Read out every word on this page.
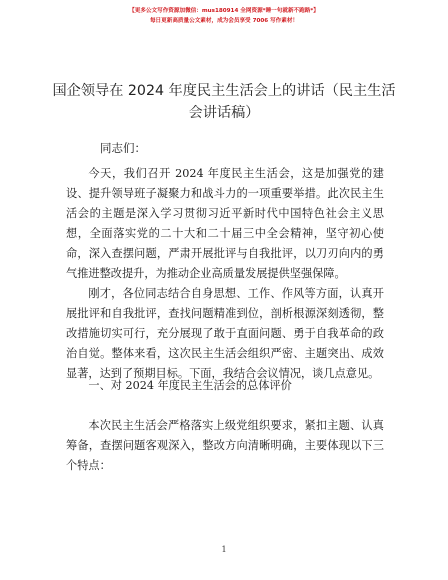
【更多公文写作资源加微信：mus180914 全网资源*睡一句就新不跑路*】
每日更新高质量公文素材，成为会员享受 7006 写作素材！
国企领导在 2024 年度民主生活会上的讲话（民主生活会讲话稿）
同志们：

今天，我们召开 2024 年度民主生活会，这是加强党的建设、提升领导班子凝聚力和战斗力的一项重要举措。此次民主生活会的主题是深入学习贯彻习近平新时代中国特色社会主义思想，全面落实党的二十大和二十届三中全会精神，坚守初心使命，深入查摆问题，严肃开展批评与自我批评，以刀刃向内的勇气推进整改提升，为推动企业高质量发展提供坚强保障。

刚才，各位同志结合自身思想、工作、作风等方面，认真开展批评和自我批评，查找问题精准到位，剖析根源深刻透彻，整改措施切实可行，充分展现了敢于直面问题、勇于自我革命的政治自觉。整体来看，这次民主生活会组织严密、主题突出、成效显著，达到了预期目标。下面，我结合会议情况，谈几点意见。

一、对 2024 年度民主生活会的总体评价

本次民主生活会严格落实上级党组织要求，紧扣主题、认真筹备，查摆问题客观深入，整改方向清晰明确，主要体现以下三个特点：

1
